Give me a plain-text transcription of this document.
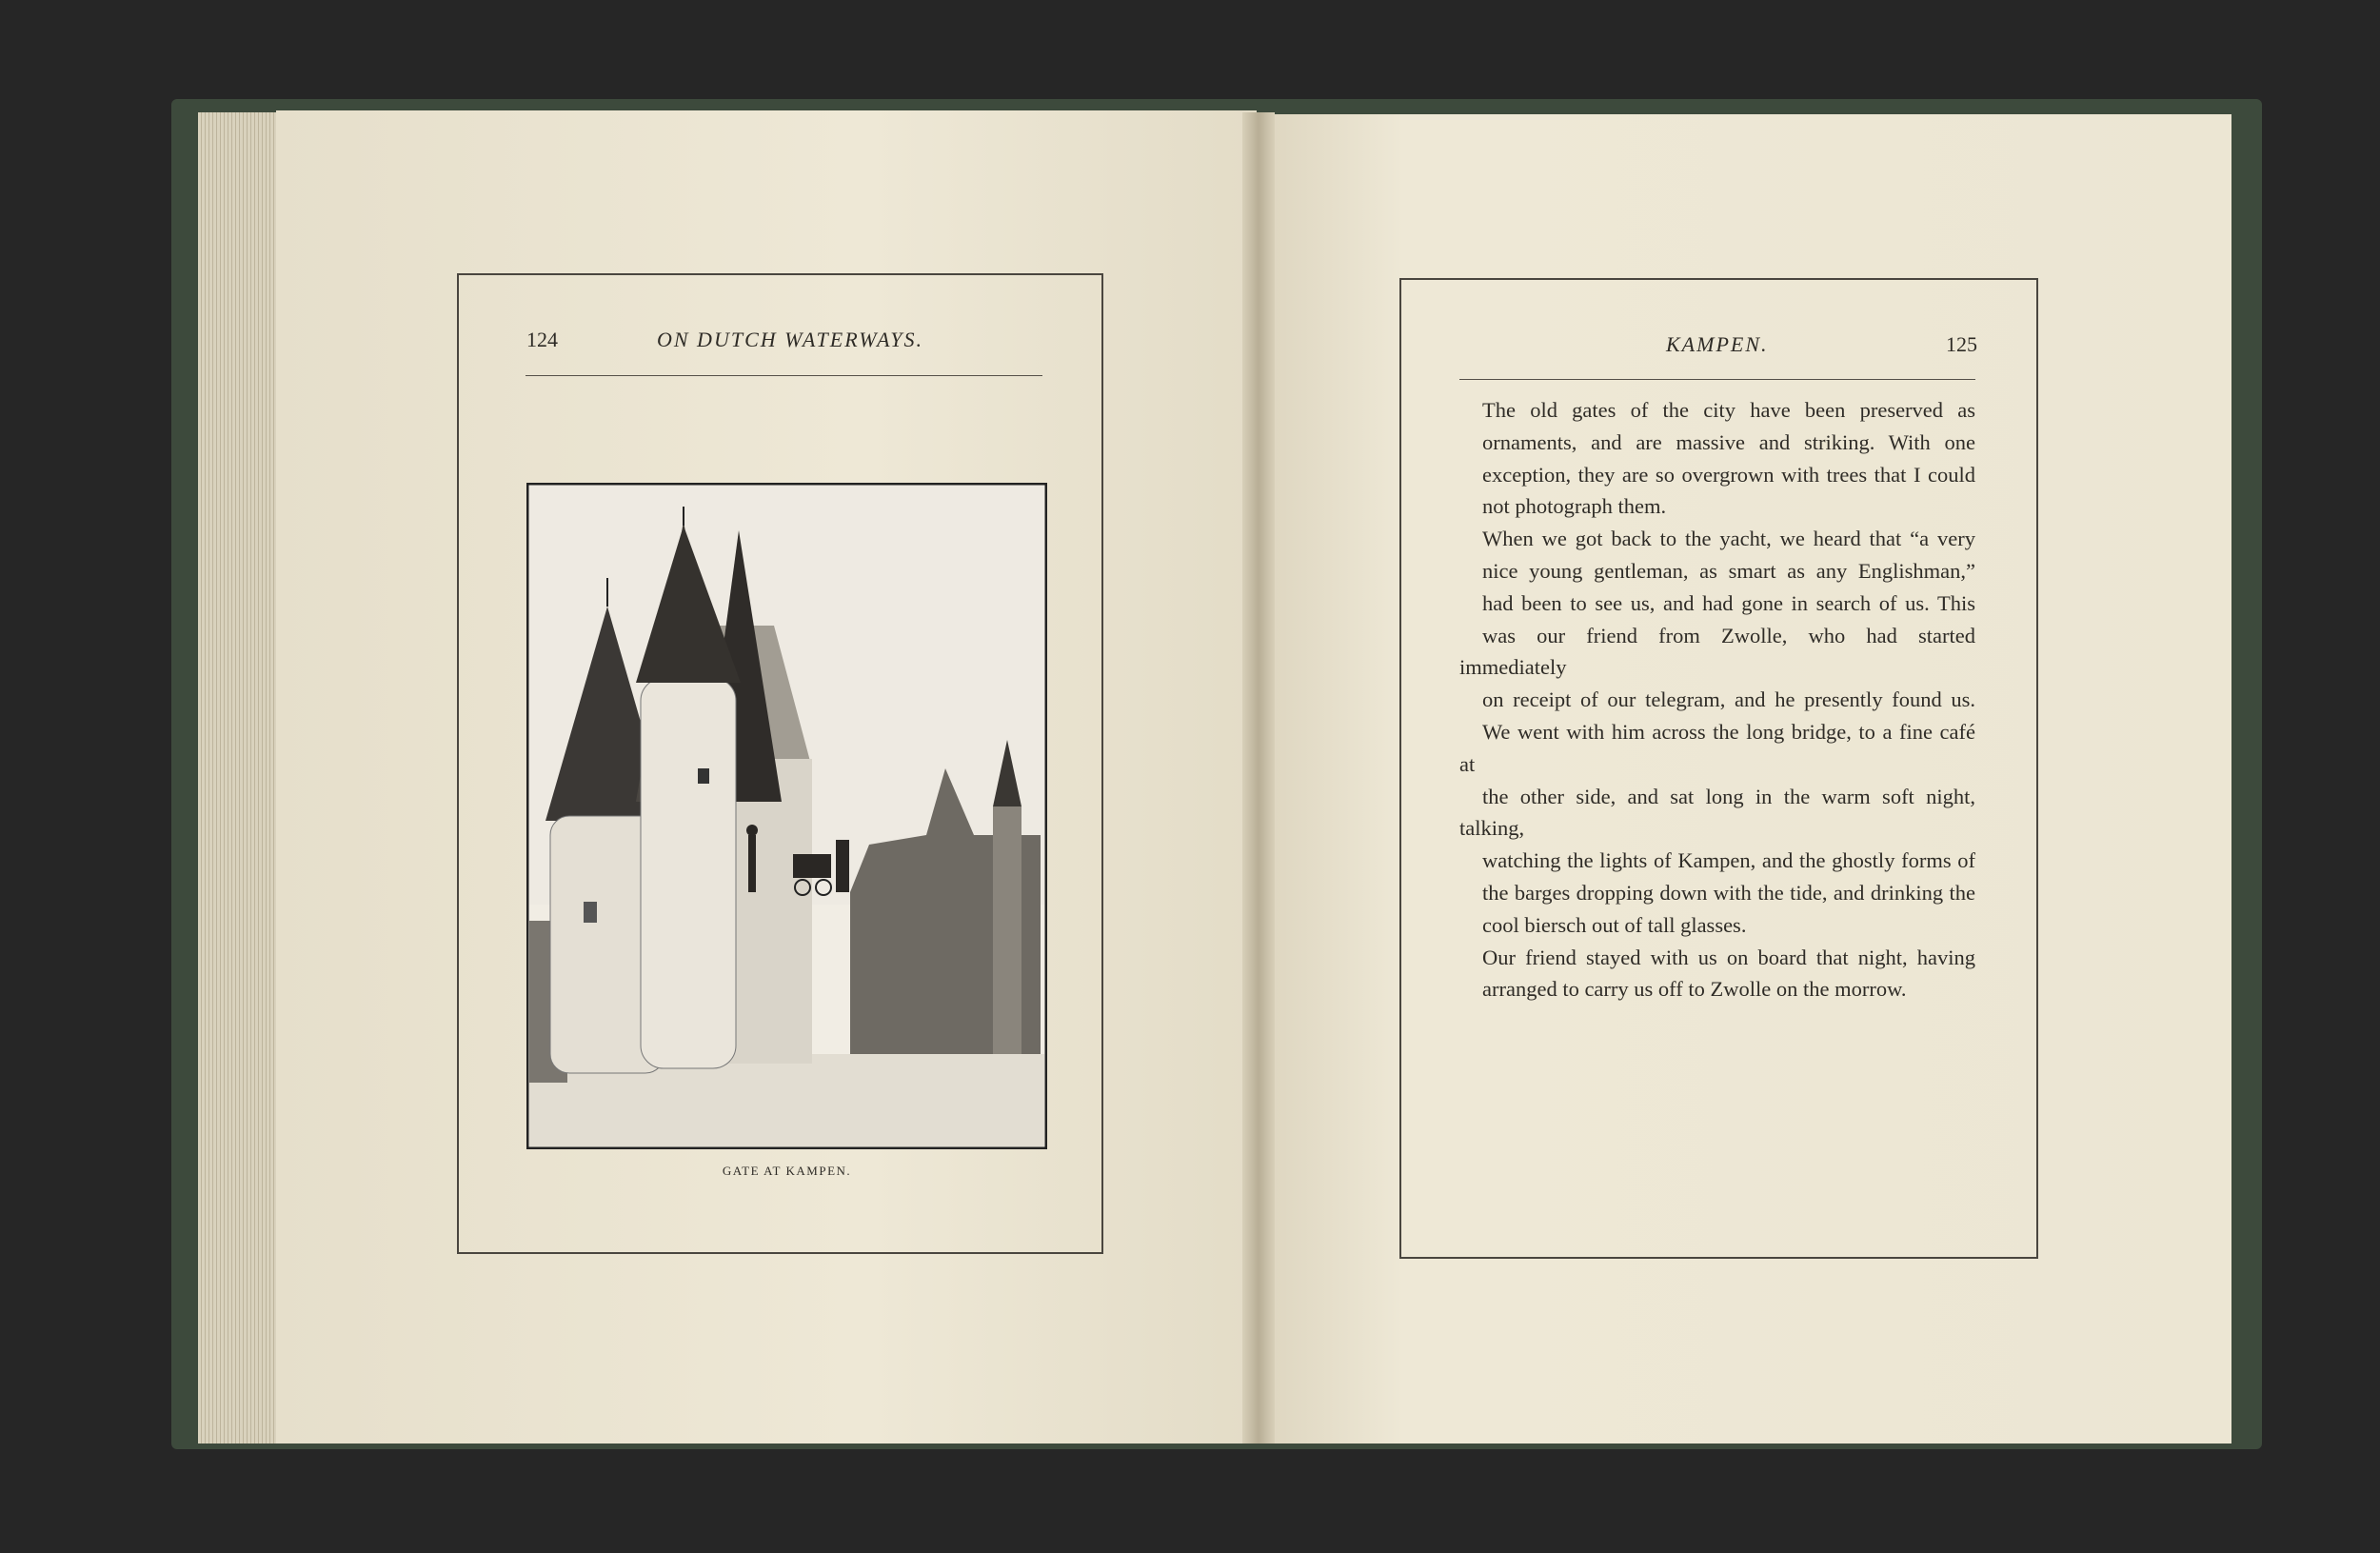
124	ON DUTCH WATERWAYS.
GATE AT KAMPEN.
KAMPEN.	125

The old gates of the city have been preserved as
ornaments, and are massive and striking. With one
exception, they are so overgrown with trees that I could
not photograph them.

When we got back to the yacht, we heard that “a very
nice young gentleman, as smart as any Englishman,”
had been to see us, and had gone in search of us. This
was our friend from Zwolle, who had started immediately
on receipt of our telegram, and he presently found us.
We went with him across the long bridge, to a fine café at
the other side, and sat long in the warm soft night, talking,
watching the lights of Kampen, and the ghostly forms of
the barges dropping down with the tide, and drinking the
cool biersch out of tall glasses.

Our friend stayed with us on board that night, having
arranged to carry us off to Zwolle on the morrow.
